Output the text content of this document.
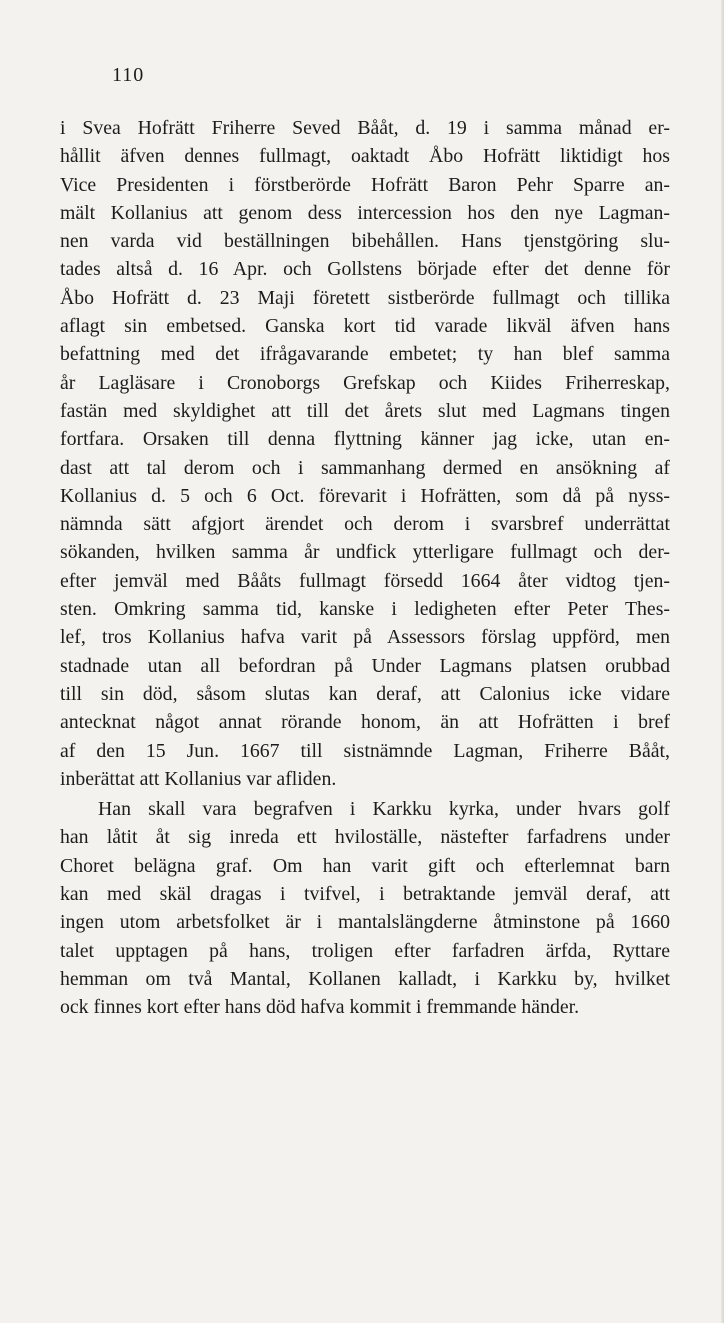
110
i Svea Hofrätt Friherre Seved Bååt, d. 19 i samma månad er-
hållit äfven dennes fullmagt, oaktadt Åbo Hofrätt liktidigt hos
Vice Presidenten i förstberörde Hofrätt Baron Pehr Sparre an-
mält Kollanius att genom dess intercession hos den nye Lagman-
nen varda vid beställningen bibehållen. Hans tjenstgöring slu-
tades altså d. 16 Apr. och Gollstens började efter det denne för
Åbo Hofrätt d. 23 Maji företett sistberörde fullmagt och tillika
aflagt sin embetsed. Ganska kort tid varade likväl äfven hans
befattning med det ifrågavarande embetet; ty han blef samma
år Lagläsare i Cronoborgs Grefskap och Kiides Friherreskap,
fastän med skyldighet att till det årets slut med Lagmans tingen
fortfara. Orsaken till denna flyttning känner jag icke, utan en-
dast att tal derom och i sammanhang dermed en ansökning af
Kollanius d. 5 och 6 Oct. förevarit i Hofrätten, som då på nyss-
nämnda sätt afgjort ärendet och derom i svarsbref underrättat
sökanden, hvilken samma år undfick ytterligare fullmagt och der-
efter jemväl med Bååts fullmagt försedd 1664 åter vidtog tjen-
sten. Omkring samma tid, kanske i ledigheten efter Peter Thes-
lef, tros Kollanius hafva varit på Assessors förslag uppförd, men
stadnade utan all befordran på Under Lagmans platsen orubbad
till sin död, såsom slutas kan deraf, att Calonius icke vidare
antecknat något annat rörande honom, än att Hofrätten i bref
af den 15 Jun. 1667 till sistnämnde Lagman, Friherre Bååt,
inberättat att Kollanius var afliden.
Han skall vara begrafven i Karkku kyrka, under hvars golf
han låtit åt sig inreda ett hviloställe, nästefter farfadrens under
Choret belägna graf. Om han varit gift och efterlemnat barn
kan med skäl dragas i tvifvel, i betraktande jemväl deraf, att
ingen utom arbetsfolket är i mantalslängderne åtminstone på 1660
talet upptagen på hans, troligen efter farfadren ärfda, Ryttare
hemman om två Mantal, Kollanen kalladt, i Karkku by, hvilket
ock finnes kort efter hans död hafva kommit i fremmande händer.
